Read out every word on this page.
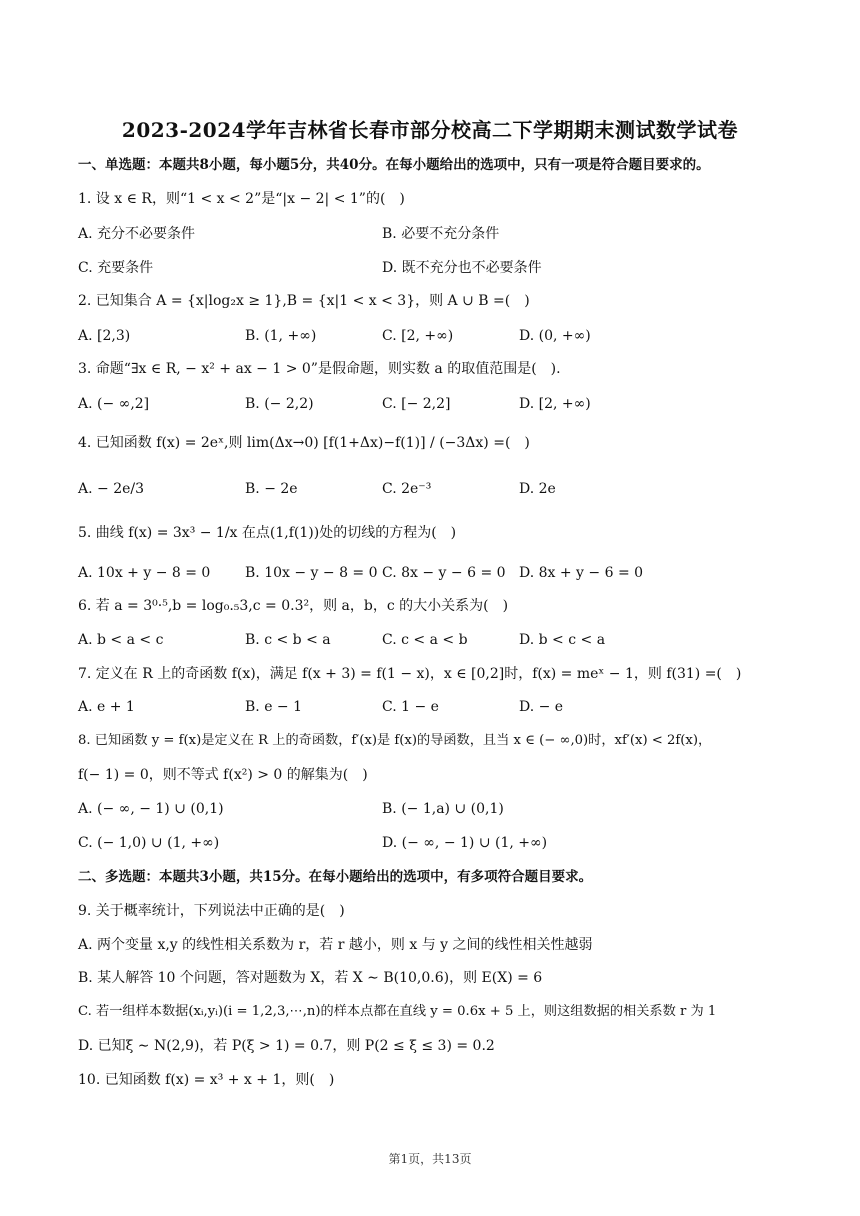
2023-2024学年吉林省长春市部分校高二下学期期末测试数学试卷
一、单选题：本题共8小题，每小题5分，共40分。在每小题给出的选项中，只有一项是符合题目要求的。
1. 设 x ∈ R，则“1 < x < 2”是“|x − 2| < 1”的(　)
A. 充分不必要条件	B. 必要不充分条件
C. 充要条件	D. 既不充分也不必要条件
2. 已知集合 A = {x|log₂x ≥ 1},B = {x|1 < x < 3}，则 A ∪ B =(　)
A. [2,3)	B. (1, +∞)	C. [2, +∞)	D. (0, +∞)
3. 命题“∃x ∈ R, − x² + ax − 1 > 0”是假命题，则实数 a 的取值范围是(　).
A. (− ∞,2]	B. (− 2,2)	C. [− 2,2]	D. [2, +∞)
4. 已知函数 f(x) = 2eˣ,则 lim(Δx→0) [f(1+Δx)−f(1)] / (−3Δx) =(　)
A. − 2e/3	B. − 2e	C. 2e⁻³	D. 2e
5. 曲线 f(x) = 3x³ − 1/x 在点(1,f(1))处的切线的方程为(　)
A. 10x + y − 8 = 0 B. 10x − y − 8 = 0 C. 8x − y − 6 = 0 D. 8x + y − 6 = 0
6. 若 a = 3⁰·⁵,b = log₀.₅3,c = 0.3²，则 a，b，c 的大小关系为(　)
A. b < a < c	B. c < b < a	C. c < a < b	D. b < c < a
7. 定义在 R 上的奇函数 f(x)，满足 f(x + 3) = f(1 − x)，x ∈ [0,2]时，f(x) = meˣ − 1，则 f(31) =(　)
A. e + 1	B. e − 1	C. 1 − e	D. − e
8. 已知函数 y = f(x)是定义在 R 上的奇函数，f′(x)是 f(x)的导函数，且当 x ∈ (− ∞,0)时，xf′(x) < 2f(x)，
f(− 1) = 0，则不等式 f(x²) > 0 的解集为(　)
A. (− ∞, − 1) ∪ (0,1)	B. (− 1,a) ∪ (0,1)
C. (− 1,0) ∪ (1, +∞)	D. (− ∞, − 1) ∪ (1, +∞)
二、多选题：本题共3小题，共15分。在每小题给出的选项中，有多项符合题目要求。
9. 关于概率统计，下列说法中正确的是(　)
A. 两个变量 x,y 的线性相关系数为 r，若 r 越小，则 x 与 y 之间的线性相关性越弱
B. 某人解答 10 个问题，答对题数为 X，若 X ∼ B(10,0.6)，则 E(X) = 6
C. 若一组样本数据(xᵢ,yᵢ)(i = 1,2,3,⋯,n)的样本点都在直线 y = 0.6x + 5 上，则这组数据的相关系数 r 为 1
D. 已知ξ ∼ N(2,9)，若 P(ξ > 1) = 0.7，则 P(2 ≤ ξ ≤ 3) = 0.2
10. 已知函数 f(x) = x³ + x + 1，则(　)
第1页，共13页
